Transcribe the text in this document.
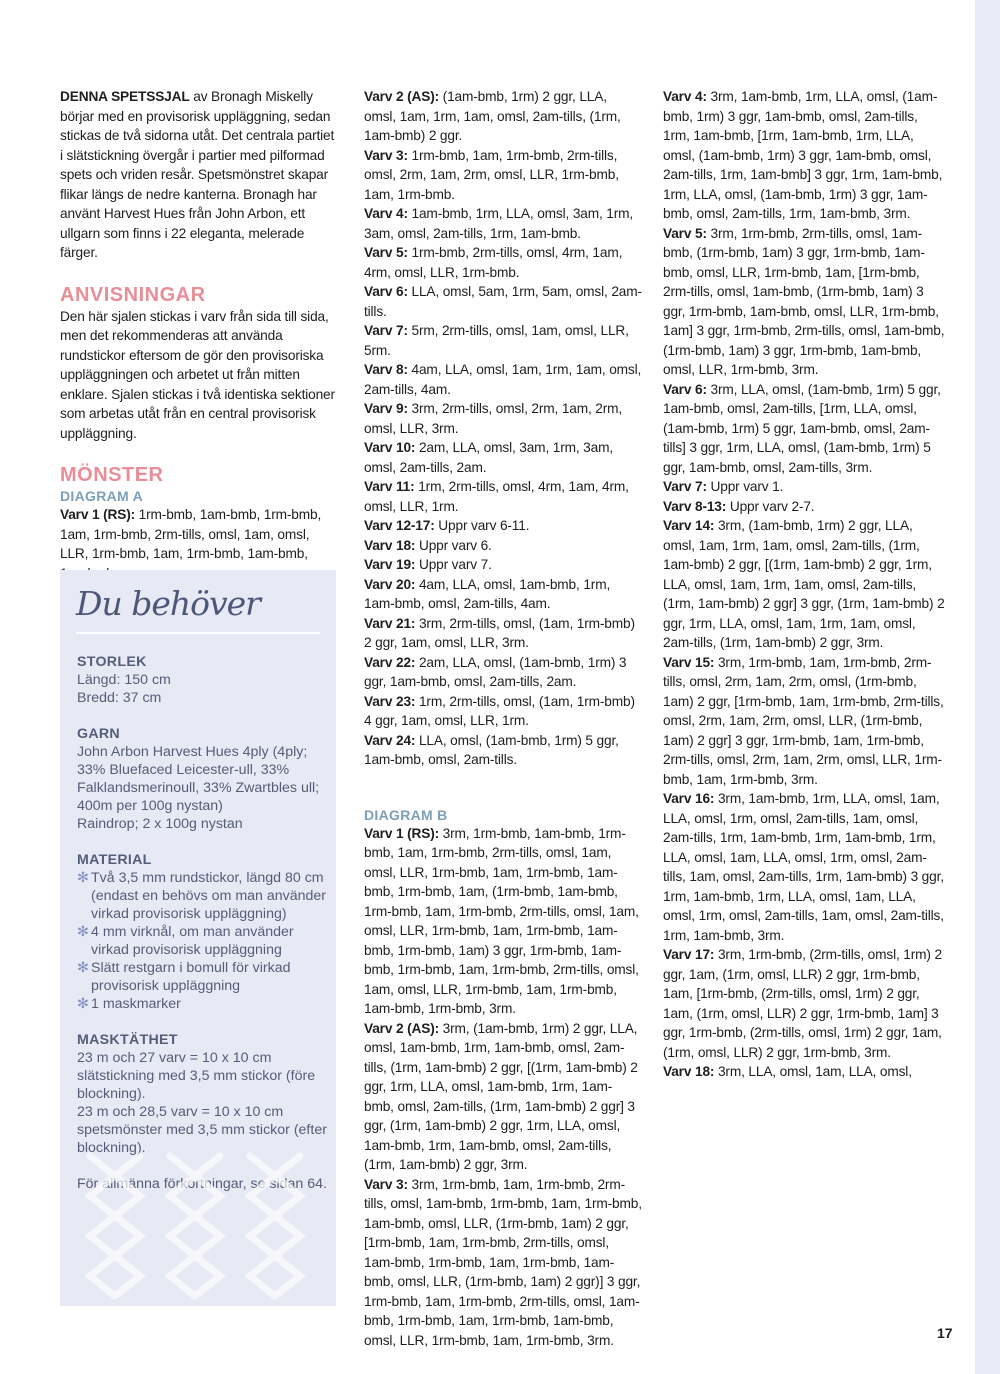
DENNA SPETSSJAL av Bronagh Miskelly börjar med en provisorisk uppläggning, sedan stickas de två sidorna utåt. Det centrala partiet i slätstickning övergår i partier med pilformad spets och vriden resår. Spetsmönstret skapar flikar längs de nedre kanterna. Bronagh har använt Harvest Hues från John Arbon, ett ullgarn som finns i 22 eleganta, melerade färger.

ANVISNINGAR

Den här sjalen stickas i varv från sida till sida, men det rekommenderas att använda rundstickor eftersom de gör den provisoriska uppläggningen och arbetet ut från mitten enklare. Sjalen stickas i två identiska sektioner som arbetas utåt från en central provisorisk uppläggning.

MÖNSTER
DIAGRAM A

Varv 1 (RS): 1rm-bmb, 1am-bmb, 1rm-bmb, 1am, 1rm-bmb, 2rm-tills, omsl, 1am, omsl, LLR, 1rm-bmb, 1am, 1rm-bmb, 1am-bmb,

Du behöver

STORLEK

Längd: 150 cm

Bredd: 37 cm

GARN

John Arbon Harvest Hues 4ply (4ply; 33% Bluefaced Leicester-ull, 33% Falklandsmerinoull, 33% Zwartbles ull; 400m per 100g nystan)

Raindrop; 2 x 100g nystan

MATERIAL

✻ Två 3,5 mm rundstickor, längd 80 cm (endast en behövs om man använder virkad provisorisk uppläggning)
✻ 4 mm virknål, om man använder virkad provisorisk uppläggning
✻ Slätt restgarn i bomull för virkad provisorisk uppläggning
✻ 1 maskmarker

MASKTÄTHET

23 m och 27 varv = 10 x 10 cm slätstickning med 3,5 mm stickor (före blockning).

23 m och 28,5 varv = 10 x 10 cm spetsmönster med 3,5 mm stickor (efter blockning).

För allmänna förkortningar, se sidan 64.

Varv 2 (AS): (1am-bmb, 1rm) 2 ggr, LLA, omsl, 1am, 1rm, 1am, omsl, 2am-tills, (1rm, 1am-bmb) 2 ggr.

Varv 3: 1rm-bmb, 1am, 1rm-bmb, 2rm-tills, omsl, 2rm, 1am, 2rm, omsl, LLR, 1rm-bmb, 1am, 1rm-bmb.

Varv 4: 1am-bmb, 1rm, LLA, omsl, 3am, 1rm, 3am, omsl, 2am-tills, 1rm, 1am-bmb.

Varv 5: 1rm-bmb, 2rm-tills, omsl, 4rm, 1am, 4rm, omsl, LLR, 1rm-bmb.

Varv 6: LLA, omsl, 5am, 1rm, 5am, omsl, 2am-tills.

Varv 7: 5rm, 2rm-tills, omsl, 1am, omsl, LLR, 5rm.

Varv 8: 4am, LLA, omsl, 1am, 1rm, 1am, omsl, 2am-tills, 4am.

Varv 9: 3rm, 2rm-tills, omsl, 2rm, 1am, 2rm, omsl, LLR, 3rm.

Varv 10: 2am, LLA, omsl, 3am, 1rm, 3am, omsl, 2am-tills, 2am.

Varv 11: 1rm, 2rm-tills, omsl, 4rm, 1am, 4rm, omsl, LLR, 1rm.

Varv 12-17: Uppr varv 6-11.

Varv 18: Uppr varv 6.

Varv 19: Uppr varv 7.

Varv 20: 4am, LLA, omsl, 1am-bmb, 1rm, 1am-bmb, omsl, 2am-tills, 4am.

Varv 21: 3rm, 2rm-tills, omsl, (1am, 1rm-bmb) 2 ggr, 1am, omsl, LLR, 3rm.

Varv 22: 2am, LLA, omsl, (1am-bmb, 1rm) 3 ggr, 1am-bmb, omsl, 2am-tills, 2am.

Varv 23: 1rm, 2rm-tills, omsl, (1am, 1rm-bmb) 4 ggr, 1am, omsl, LLR, 1rm.

Varv 24: LLA, omsl, (1am-bmb, 1rm) 5 ggr, 1am-bmb, omsl, 2am-tills.

DIAGRAM B

Varv 1 (RS): 3rm, 1rm-bmb, 1am-bmb, 1rm-bmb, 1am, 1rm-bmb, 2rm-tills, omsl, 1am, omsl, LLR, 1rm-bmb, 1am, 1rm-bmb, 1am-bmb, 1rm-bmb, 1am, (1rm-bmb, 1am-bmb, 1rm-bmb, 1am, 1rm-bmb, 2rm-tills, omsl, 1am, omsl, LLR, 1rm-bmb, 1am, 1rm-bmb, 1am-bmb, 1rm-bmb, 1am) 3 ggr, 1rm-bmb, 1am-bmb, 1rm-bmb, 1am, 1rm-bmb, 2rm-tills, omsl, 1am, omsl, LLR, 1rm-bmb, 1am, 1rm-bmb, 1am-bmb, 1rm-bmb, 3rm.

Varv 2 (AS): 3rm, (1am-bmb, 1rm) 2 ggr, LLA, omsl, 1am-bmb, 1rm, 1am-bmb, omsl, 2am-tills, (1rm, 1am-bmb) 2 ggr, [(1rm, 1am-bmb) 2 ggr, 1rm, LLA, omsl, 1am-bmb, 1rm, 1am-bmb, omsl, 2am-tills, (1rm, 1am-bmb) 2 ggr] 3 ggr, (1rm, 1am-bmb) 2 ggr, 1rm, LLA, omsl, 1am-bmb, 1rm, 1am-bmb, omsl, 2am-tills, (1rm, 1am-bmb) 2 ggr, 3rm.

Varv 3: 3rm, 1rm-bmb, 1am, 1rm-bmb, 2rm-tills, omsl, 1am-bmb, 1rm-bmb, 1am, 1rm-bmb, 1am-bmb, omsl, LLR, (1rm-bmb, 1am) 2 ggr, [1rm-bmb, 1am, 1rm-bmb, 2rm-tills, omsl, 1am-bmb, 1rm-bmb, 1am, 1rm-bmb, 1am-bmb, omsl, LLR, (1rm-bmb, 1am) 2 ggr)] 3 ggr, 1rm-bmb, 1am, 1rm-bmb, 2rm-tills, omsl, 1am-bmb, 1rm-bmb, 1am, 1rm-bmb, 1am-bmb, omsl, LLR, 1rm-bmb, 1am, 1rm-bmb, 3rm.

Varv 4: 3rm, 1am-bmb, 1rm, LLA, omsl, (1am-bmb, 1rm) 3 ggr, 1am-bmb, omsl, 2am-tills, 1rm, 1am-bmb, [1rm, 1am-bmb, 1rm, LLA, omsl, (1am-bmb, 1rm) 3 ggr, 1am-bmb, omsl, 2am-tills, 1rm, 1am-bmb] 3 ggr, 1rm, 1am-bmb, 1rm, LLA, omsl, (1am-bmb, 1rm) 3 ggr, 1am-bmb, omsl, 2am-tills, 1rm, 1am-bmb, 3rm.

Varv 5: 3rm, 1rm-bmb, 2rm-tills, omsl, 1am-bmb, (1rm-bmb, 1am) 3 ggr, 1rm-bmb, 1am-bmb, omsl, LLR, 1rm-bmb, 1am, [1rm-bmb, 2rm-tills, omsl, 1am-bmb, (1rm-bmb, 1am) 3 ggr, 1rm-bmb, 1am-bmb, omsl, LLR, 1rm-bmb, 1am] 3 ggr, 1rm-bmb, 2rm-tills, omsl, 1am-bmb, (1rm-bmb, 1am) 3 ggr, 1rm-bmb, 1am-bmb, omsl, LLR, 1rm-bmb, 3rm.

Varv 6: 3rm, LLA, omsl, (1am-bmb, 1rm) 5 ggr, 1am-bmb, omsl, 2am-tills, [1rm, LLA, omsl, (1am-bmb, 1rm) 5 ggr, 1am-bmb, omsl, 2am-tills] 3 ggr, 1rm, LLA, omsl, (1am-bmb, 1rm) 5 ggr, 1am-bmb, omsl, 2am-tills, 3rm.

Varv 7: Uppr varv 1.

Varv 8-13: Uppr varv 2-7.

Varv 14: 3rm, (1am-bmb, 1rm) 2 ggr, LLA, omsl, 1am, 1rm, 1am, omsl, 2am-tills, (1rm, 1am-bmb) 2 ggr, [(1rm, 1am-bmb) 2 ggr, 1rm, LLA, omsl, 1am, 1rm, 1am, omsl, 2am-tills, (1rm, 1am-bmb) 2 ggr] 3 ggr, (1rm, 1am-bmb) 2 ggr, 1rm, LLA, omsl, 1am, 1rm, 1am, omsl, 2am-tills, (1rm, 1am-bmb) 2 ggr, 3rm.

Varv 15: 3rm, 1rm-bmb, 1am, 1rm-bmb, 2rm-tills, omsl, 2rm, 1am, 2rm, omsl, (1rm-bmb, 1am) 2 ggr, [1rm-bmb, 1am, 1rm-bmb, 2rm-tills, omsl, 2rm, 1am, 2rm, omsl, LLR, (1rm-bmb, 1am) 2 ggr] 3 ggr, 1rm-bmb, 1am, 1rm-bmb, 2rm-tills, omsl, 2rm, 1am, 2rm, omsl, LLR, 1rm-bmb, 1am, 1rm-bmb, 3rm.

Varv 16: 3rm, 1am-bmb, 1rm, LLA, omsl, 1am, LLA, omsl, 1rm, omsl, 2am-tills, 1am, omsl, 2am-tills, 1rm, 1am-bmb, 1rm, 1am-bmb, 1rm, LLA, omsl, 1am, LLA, omsl, 1rm, omsl, 2am-tills, 1am, omsl, 2am-tills, 1rm, 1am-bmb) 3 ggr, 1rm, 1am-bmb, 1rm, LLA, omsl, 1am, LLA, omsl, 1rm, omsl, 2am-tills, 1am, omsl, 2am-tills, 1rm, 1am-bmb, 3rm.

Varv 17: 3rm, 1rm-bmb, (2rm-tills, omsl, 1rm) 2 ggr, 1am, (1rm, omsl, LLR) 2 ggr, 1rm-bmb, 1am, [1rm-bmb, (2rm-tills, omsl, 1rm) 2 ggr, 1am, (1rm, omsl, LLR) 2 ggr, 1rm-bmb, 1am] 3 ggr, 1rm-bmb, (2rm-tills, omsl, 1rm) 2 ggr, 1am, (1rm, omsl, LLR) 2 ggr, 1rm-bmb, 3rm.

Varv 18: 3rm, LLA, omsl, 1am, LLA, omsl,

17
